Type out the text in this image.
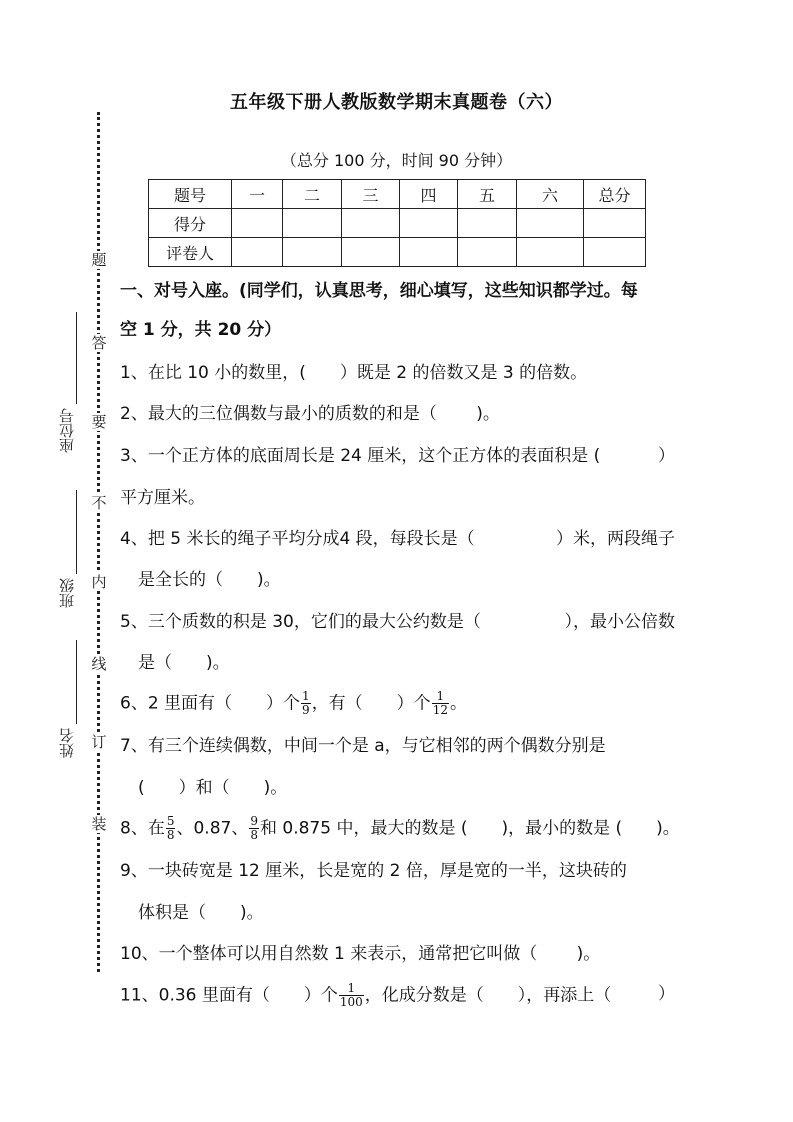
题
答
要
不
内
线
订
装
座位号
班级
姓名
五年级下册人教版数学期末真题卷（六）
（总分 100 分，时间 90 分钟）
题号	一	二	三	四	五	六	总分
得分							
评卷人							
一、对号入座。(同学们，认真思考，细心填写，这些知识都学过。每
空 1 分，共 20 分）
1、在比 10 小的数里，(　　）既是 2 的倍数又是 3 的倍数。
2、最大的三位偶数与最小的质数的和是（　　 )。
3、一个正方体的底面周长是 24 厘米，这个正方体的表面积是 (	）
平方厘米。
4、把 5 米长的绳子平均分成4 段，每段长是（	）米，两段绳子
是全长的（　　)。
5、三个质数的积是 30，它们的最大公约数是（	），最小公倍数
是（　　)。
6、2 里面有（　　）个 $\frac{1}{9}$ ，有（　　）个 $\frac{1}{12}$ 。
7、有三个连续偶数，中间一个是 a，与它相邻的两个偶数分别是
(　　）和（　　)。
8、在 $\frac{5}{8}$ 、0.87、 $\frac{9}{8}$ 和 0.875 中，最大的数是 (　　)，最小的数是 (　　)。
9、一块砖宽是 12 厘米，长是宽的 2 倍，厚是宽的一半，这块砖的
体积是（　　)。
10、一个整体可以用自然数 1 来表示，通常把它叫做（　　 )。
11、0.36 里面有（　　）个 $\frac{1}{100}$ ，化成分数是（　　），再添上（	）
